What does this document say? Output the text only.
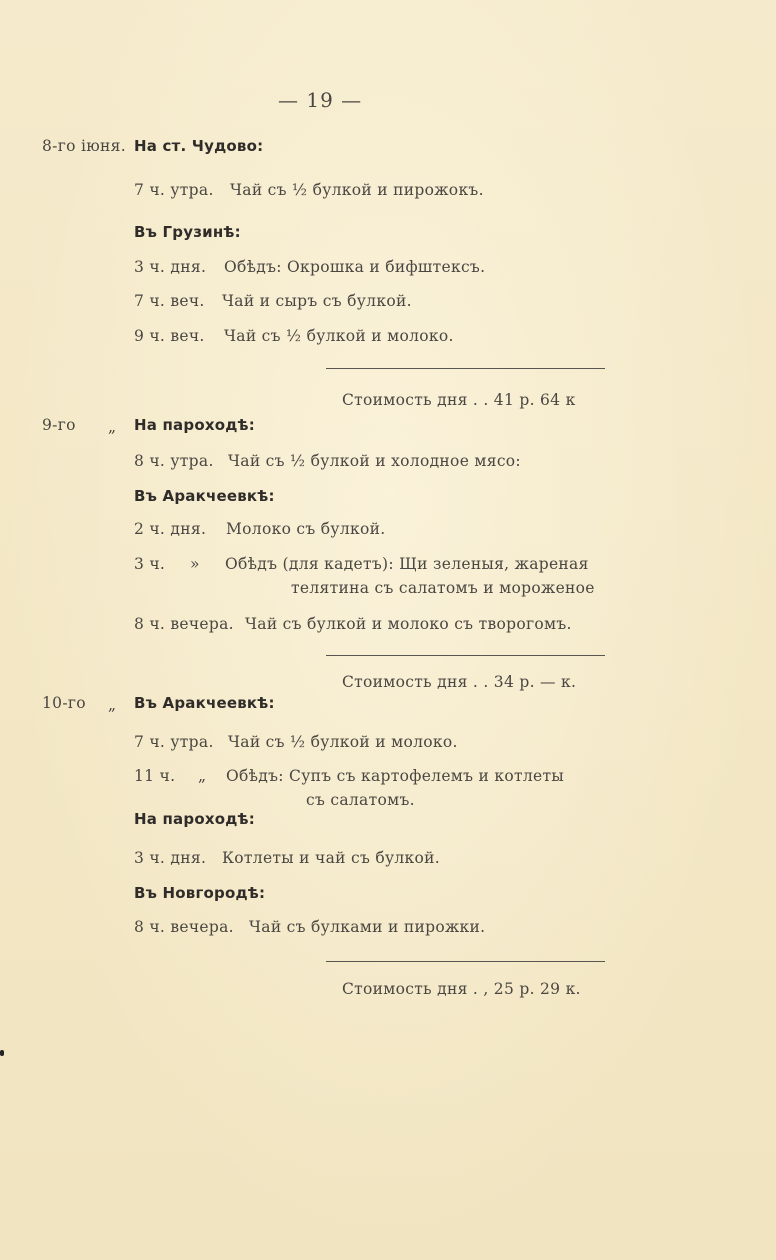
— 19 —
8-го іюня. На ст. Чудово:
7 ч. утра. Чай съ ½ булкой и пирожокъ.
Въ Грузинѣ:
3 ч. дня. Обѣдъ: Окрошка и бифштексъ.
7 ч. веч. Чай и сыръ съ булкой.
9 ч. веч. Чай съ ½ булкой и молоко.
Стоимость дня . . 41 р. 64 к
9-го „ На пароходѣ:
8 ч. утра. Чай съ ½ булкой и холодное мясо:
Въ Аракчеевкѣ:
2 ч. дня. Молоко съ булкой.
3 ч. » Обѣдъ (для кадетъ): Щи зеленыя, жареная
телятина съ салатомъ и мороженое
8 ч. вечера. Чай съ булкой и молоко съ творогомъ.
Стоимость дня . . 34 р. — к.
10-го „ Въ Аракчеевкѣ:
7 ч. утра. Чай съ ½ булкой и молоко.
11 ч. „ Обѣдъ: Супъ съ картофелемъ и котлеты
съ салатомъ.
На пароходѣ:
3 ч. дня. Котлеты и чай съ булкой.
Въ Новгородѣ:
8 ч. вечера. Чай съ булками и пирожки.
Стоимость дня . , 25 р. 29 к.
